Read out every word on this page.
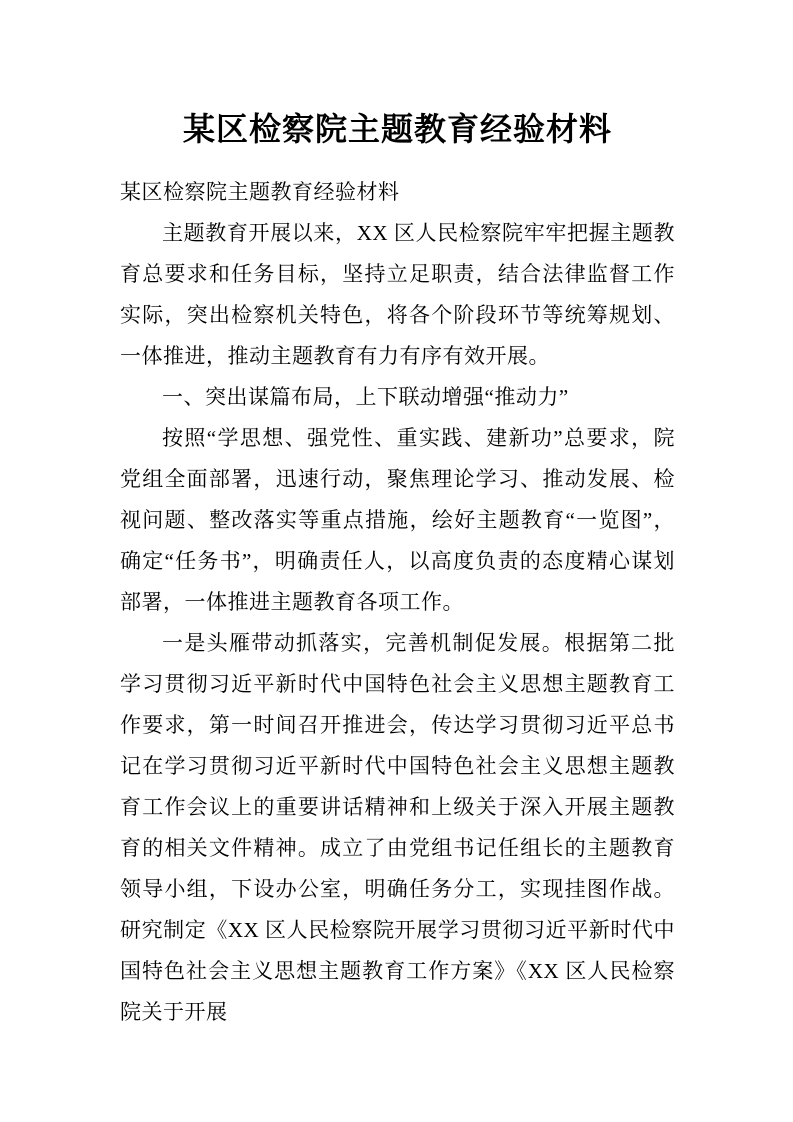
某区检察院主题教育经验材料

某区检察院主题教育经验材料

主题教育开展以来，XX 区人民检察院牢牢把握主题教育总要求和任务目标，坚持立足职责，结合法律监督工作实际，突出检察机关特色，将各个阶段环节等统筹规划、一体推进，推动主题教育有力有序有效开展。

一、突出谋篇布局，上下联动增强“推动力”

按照“学思想、强党性、重实践、建新功”总要求，院党组全面部署，迅速行动，聚焦理论学习、推动发展、检视问题、整改落实等重点措施，绘好主题教育“一览图”，确定“任务书”，明确责任人，以高度负责的态度精心谋划部署，一体推进主题教育各项工作。

一是头雁带动抓落实，完善机制促发展。根据第二批学习贯彻习近平新时代中国特色社会主义思想主题教育工作要求，第一时间召开推进会，传达学习贯彻习近平总书记在学习贯彻习近平新时代中国特色社会主义思想主题教育工作会议上的重要讲话精神和上级关于深入开展主题教育的相关文件精神。成立了由党组书记任组长的主题教育领导小组，下设办公室，明确任务分工，实现挂图作战。研究制定《XX 区人民检察院开展学习贯彻习近平新时代中国特色社会主义思想主题教育工作方案》《XX 区人民检察院关于开展
